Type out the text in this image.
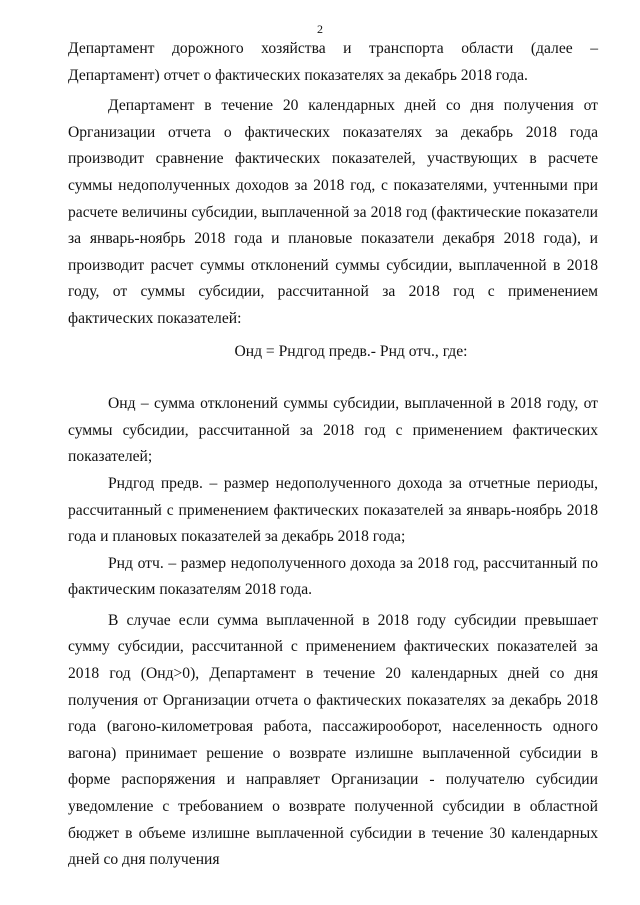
2

Департамент дорожного хозяйства и транспорта области (далее – Департамент) отчет о фактических показателях за декабрь 2018 года.

Департамент в течение 20 календарных дней со дня получения от Организации отчета о фактических показателях за декабрь 2018 года производит сравнение фактических показателей, участвующих в расчете суммы недополученных доходов за 2018 год, с показателями, учтенными при расчете величины субсидии, выплаченной за 2018 год (фактические показатели за январь-ноябрь 2018 года и плановые показатели декабря 2018 года), и производит расчет суммы отклонений суммы субсидии, выплаченной в 2018 году, от суммы субсидии, рассчитанной за 2018 год с применением фактических показателей:

Онд = Рндгод предв.- Рнд отч., где:

Онд – сумма отклонений суммы субсидии, выплаченной в 2018 году, от суммы субсидии, рассчитанной за 2018 год с применением фактических показателей;

Рндгод предв. – размер недополученного дохода за отчетные периоды, рассчитанный с применением фактических показателей за январь-ноябрь 2018 года и плановых показателей за декабрь 2018 года;

Рнд отч. – размер недополученного дохода за 2018 год, рассчитанный по фактическим показателям 2018 года.

В случае если сумма выплаченной в 2018 году субсидии превышает сумму субсидии, рассчитанной с применением фактических показателей за 2018 год (Онд>0), Департамент в течение 20 календарных дней со дня получения от Организации отчета о фактических показателях за декабрь 2018 года (вагоно-километровая работа, пассажирооборот, населенность одного вагона) принимает решение о возврате излишне выплаченной субсидии в форме распоряжения и направляет Организации - получателю субсидии уведомление с требованием о возврате полученной субсидии в областной бюджет в объеме излишне выплаченной субсидии в течение 30 календарных дней со дня получения
